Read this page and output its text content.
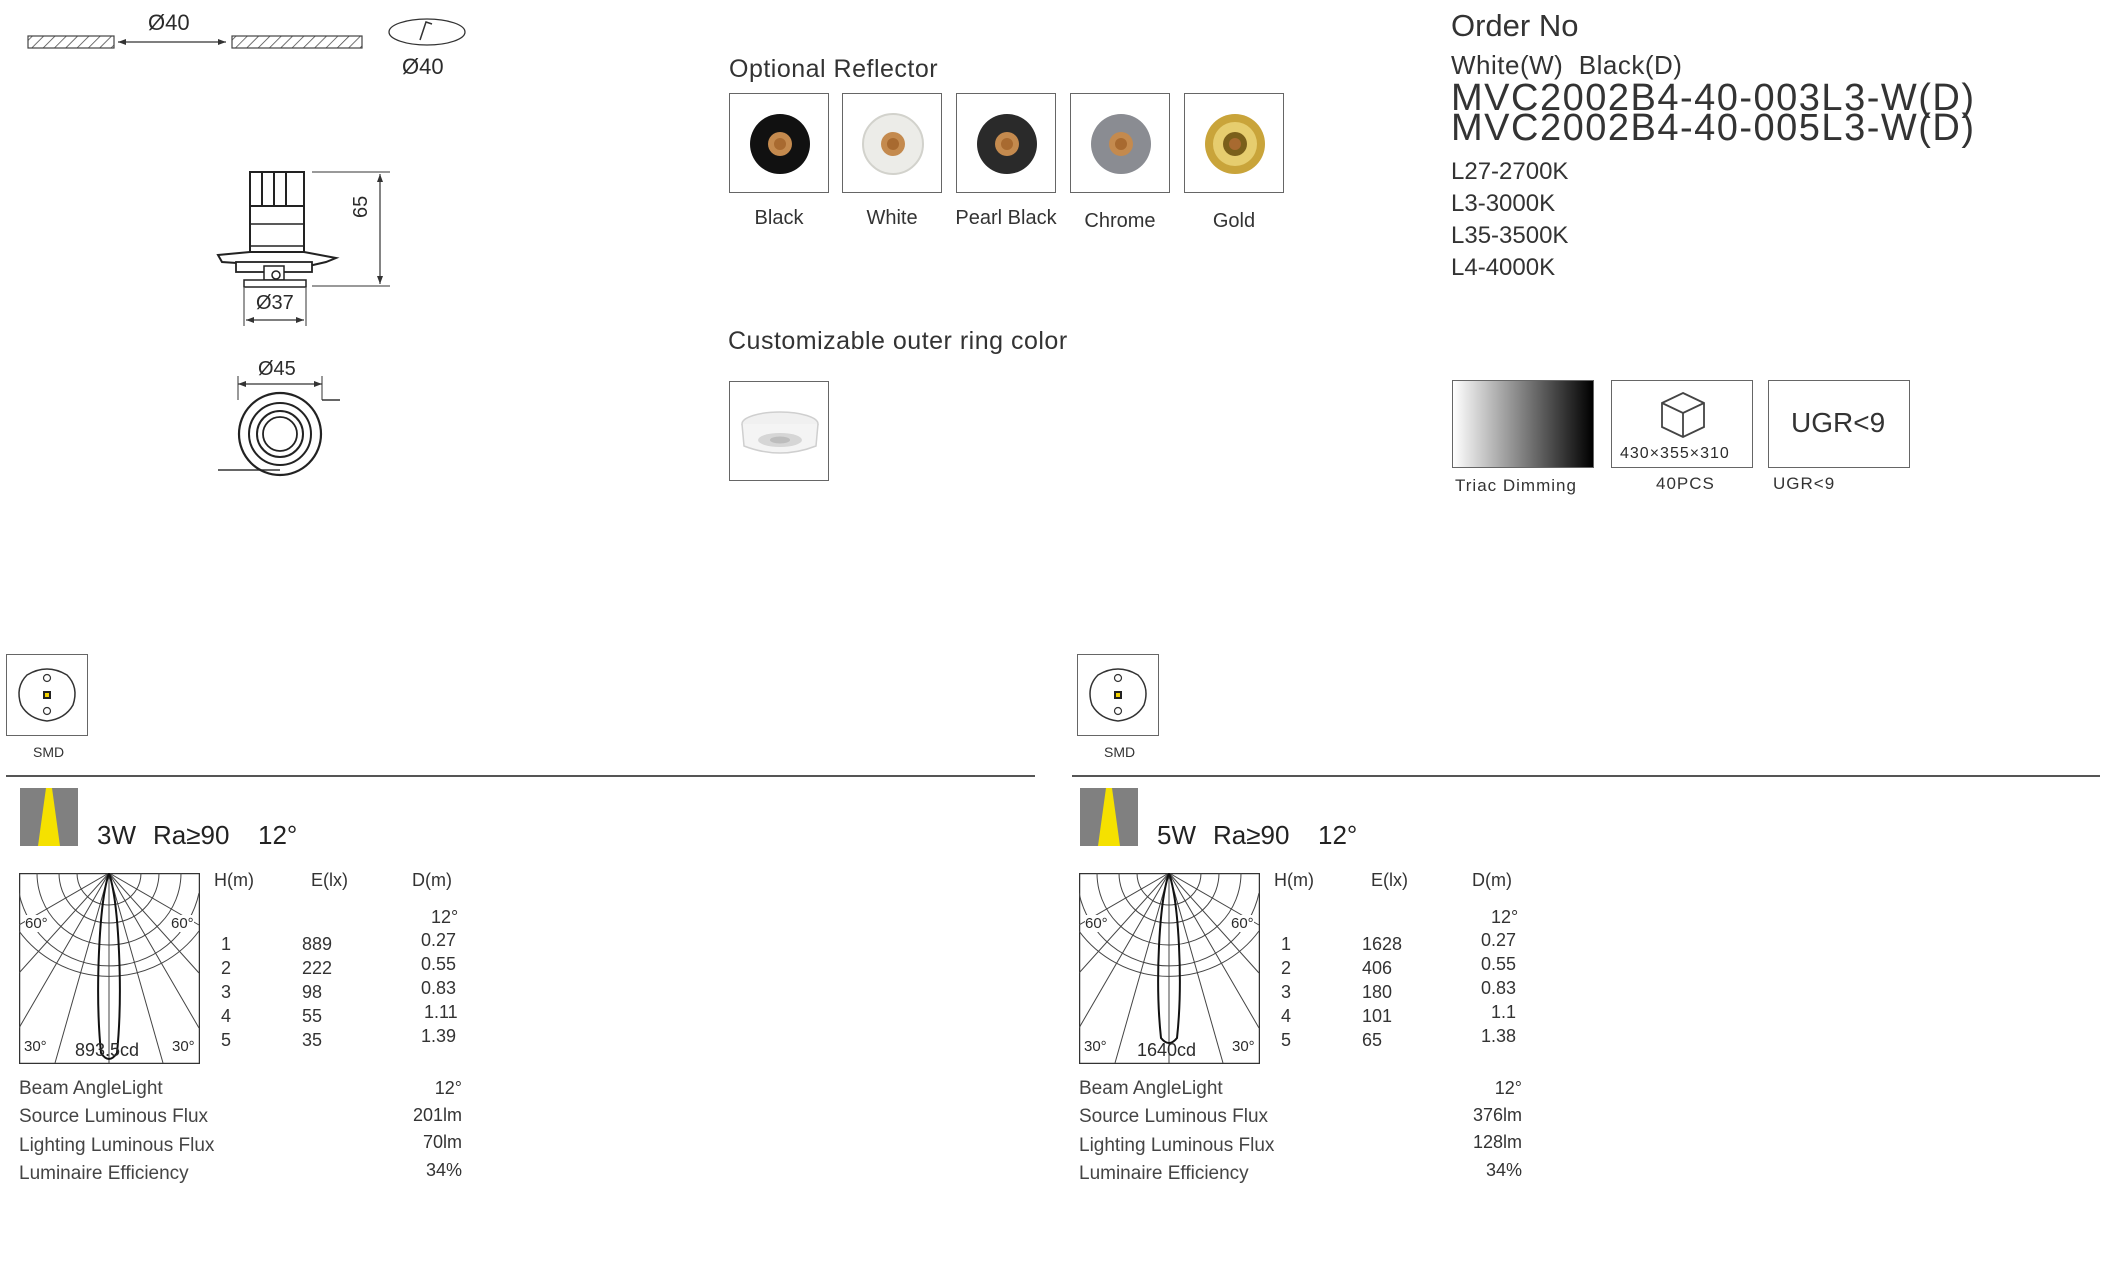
Ø40
Ø40
65
Ø37
Ø45
Optional Reflector
Black	White	Pearl Black	Chrome	Gold
Customizable outer ring color
Order No
White(W)  Black(D)
MVC2002B4-40-003L3-W(D)
MVC2002B4-40-005L3-W(D)
L27-2700K
L3-3000K
L35-3500K
L4-4000K
Triac Dimming
430×355×310
40PCS
UGR<9
UGR<9
SMD
3W Ra≥90 12°
60°	60°
30°	30°
893.5cd
H(m)	E(lx)	D(m)
12°
1	889	0.27
2	222	0.55
3	98	0.83
4	55	1.11
5	35	1.39
Beam AngleLight	12°
Source Luminous Flux	201lm
Lighting Luminous Flux	70lm
Luminaire Efficiency	34%
SMD
5W Ra≥90 12°
60°	60°
30°	30°
1640cd
H(m)	E(lx)	D(m)
12°
1	1628	0.27
2	406	0.55
3	180	0.83
4	101	1.1
5	65	1.38
Beam AngleLight	12°
Source Luminous Flux	376lm
Lighting Luminous Flux	128lm
Luminaire Efficiency	34%
